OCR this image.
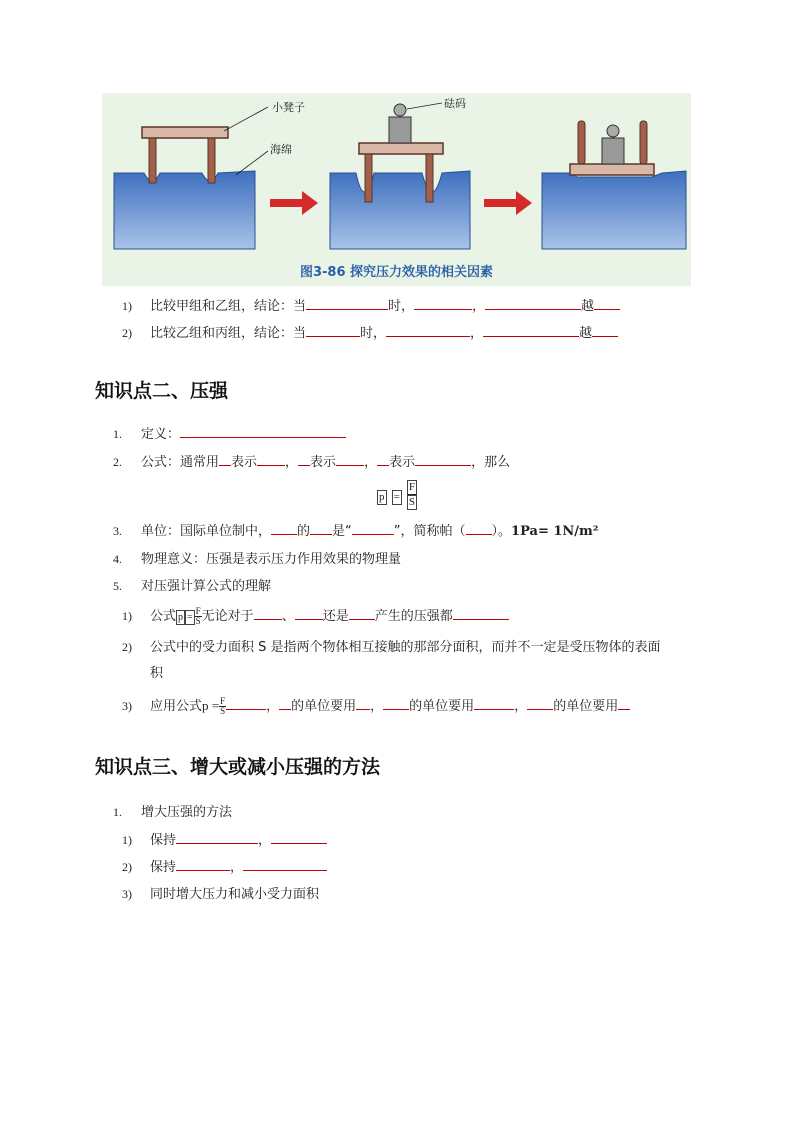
小凳子
海绵
砝码
图3-86 探究压力效果的相关因素
1) 比较甲组和乙组，结论：当	时，	，	越
2) 比较乙组和丙组，结论：当	时，	，	越
知识点二、压强
1. 定义：
2. 公式：通常用 表示 ， 表示 ， 表示	，那么
$p = \frac{F}{S}$
3. 单位：国际单位制中， 的 是“	”，简称帕（ ）。1Pa= 1N/m²
4. 物理意义：压强是表示压力作用效果的物理量
5. 对压强计算公式的理解
1) 公式 $p = \frac{F}{S}$ 无论对于 、 还是 产生的压强都
2) 公式中的受力面积 S 是指两个物体相互接触的那部分面积，而并不一定是受压物体的表面
积
3) 应用公式$p = \frac{F}{S}$	， 的单位要用 ， 的单位要用	， 的单位要用
知识点三、增大或减小压强的方法
1. 增大压强的方法
1) 保持	，
2) 保持	，
3) 同时增大压力和减小受力面积
